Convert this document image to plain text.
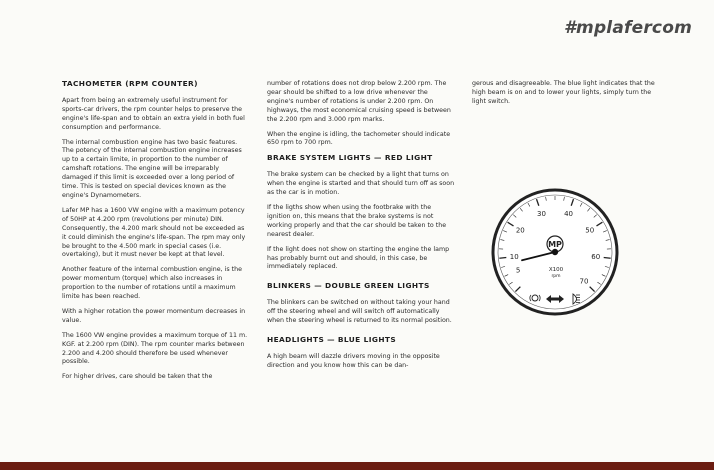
#mplafercom
TACHOMETER (RPM COUNTER)

Apart from being an extremely useful instrument for sports-car drivers, the rpm counter helps to preserve the engine's life-span and to obtain an extra yield in both fuel consumption and performance.

The internal combustion engine has two basic features. The potency of the internal combustion engine increases up to a certain limite, in proportion to the number of camshaft rotations. The engine will be irreparably damaged if this limit is exceeded over a long period of time. This is tested on special devices known as the engine's Dynamometers.

Lafer MP has a 1600 VW engine with a maximum potency of 50HP at 4.200 rpm (revolutions per minute) DIN. Consequently, the 4.200 mark should not be exceeded as it could diminish the engine's life-span. The rpm may only be brought to the 4.500 mark in special cases (i.e. overtaking), but it must never be kept at that level.

Another feature of the internal combustion engine, is the power momentum (torque) which also increases in proportion to the number of rotations until a maximum limite has been reached.

With a higher rotation the power momentum decreases in value.

The 1600 VW engine provides a maximum torque of 11 m. KGF. at 2.200 rpm (DIN). The rpm counter marks between 2.200 and 4.200 should therefore be used whenever possible.

For higher drives, care should be taken that the

number of rotations does not drop below 2.200 rpm. The gear should be shifted to a low drive whenever the engine's number of rotations is under 2.200 rpm. On highways, the most economical cruising speed is between the 2.200 rpm and 3.000 rpm marks.

When the engine is idling, the tachometer should indicate 650 rpm to 700 rpm.

BRAKE SYSTEM LIGHTS — RED LIGHT

The brake system can be checked by a light that turns on when the engine is started and that should turn off as soon as the car is in motion.

If the ligths show when using the footbrake with the ignition on, this means that the brake systems is not working properly and that the car should be taken to the nearest dealer.

If the light does not show on starting the engine the lamp has probably burnt out and should, in this case, be immediately replaced.

BLINKERS — DOUBLE GREEN LIGHTS

The blinkers can be switched on without taking your hand off the steering wheel and will switch off automatically when the steering wheel is returned to its normal position.

HEADLIGHTS — BLUE LIGHTS

A high beam will dazzle drivers moving in the opposite direction and you know how this can be dan-

gerous and disagreeable. The blue light indicates that the high beam is on and to lower your lights, simply turn the light switch.

5
10
20
30	40
50
60
70
MP
X100
rpm
